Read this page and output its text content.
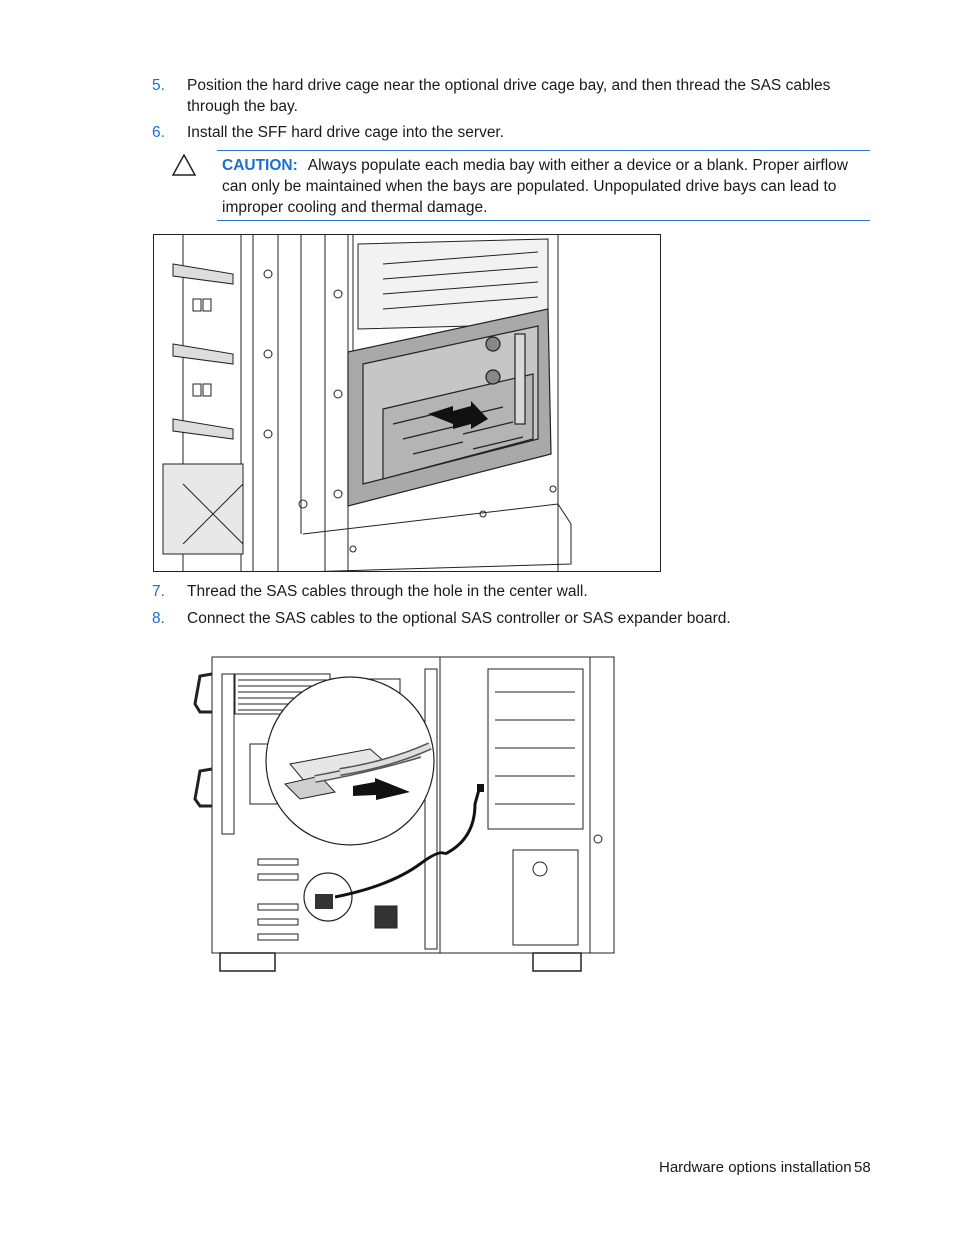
5. Position the hard drive cage near the optional drive cage bay, and then thread the SAS cables through the bay.
6. Install the SFF hard drive cage into the server.
CAUTION: Always populate each media bay with either a device or a blank. Proper airflow can only be maintained when the bays are populated. Unpopulated drive bays can lead to improper cooling and thermal damage.
7. Thread the SAS cables through the hole in the center wall.
8. Connect the SAS cables to the optional SAS controller or SAS expander board.
Hardware options installation 58
